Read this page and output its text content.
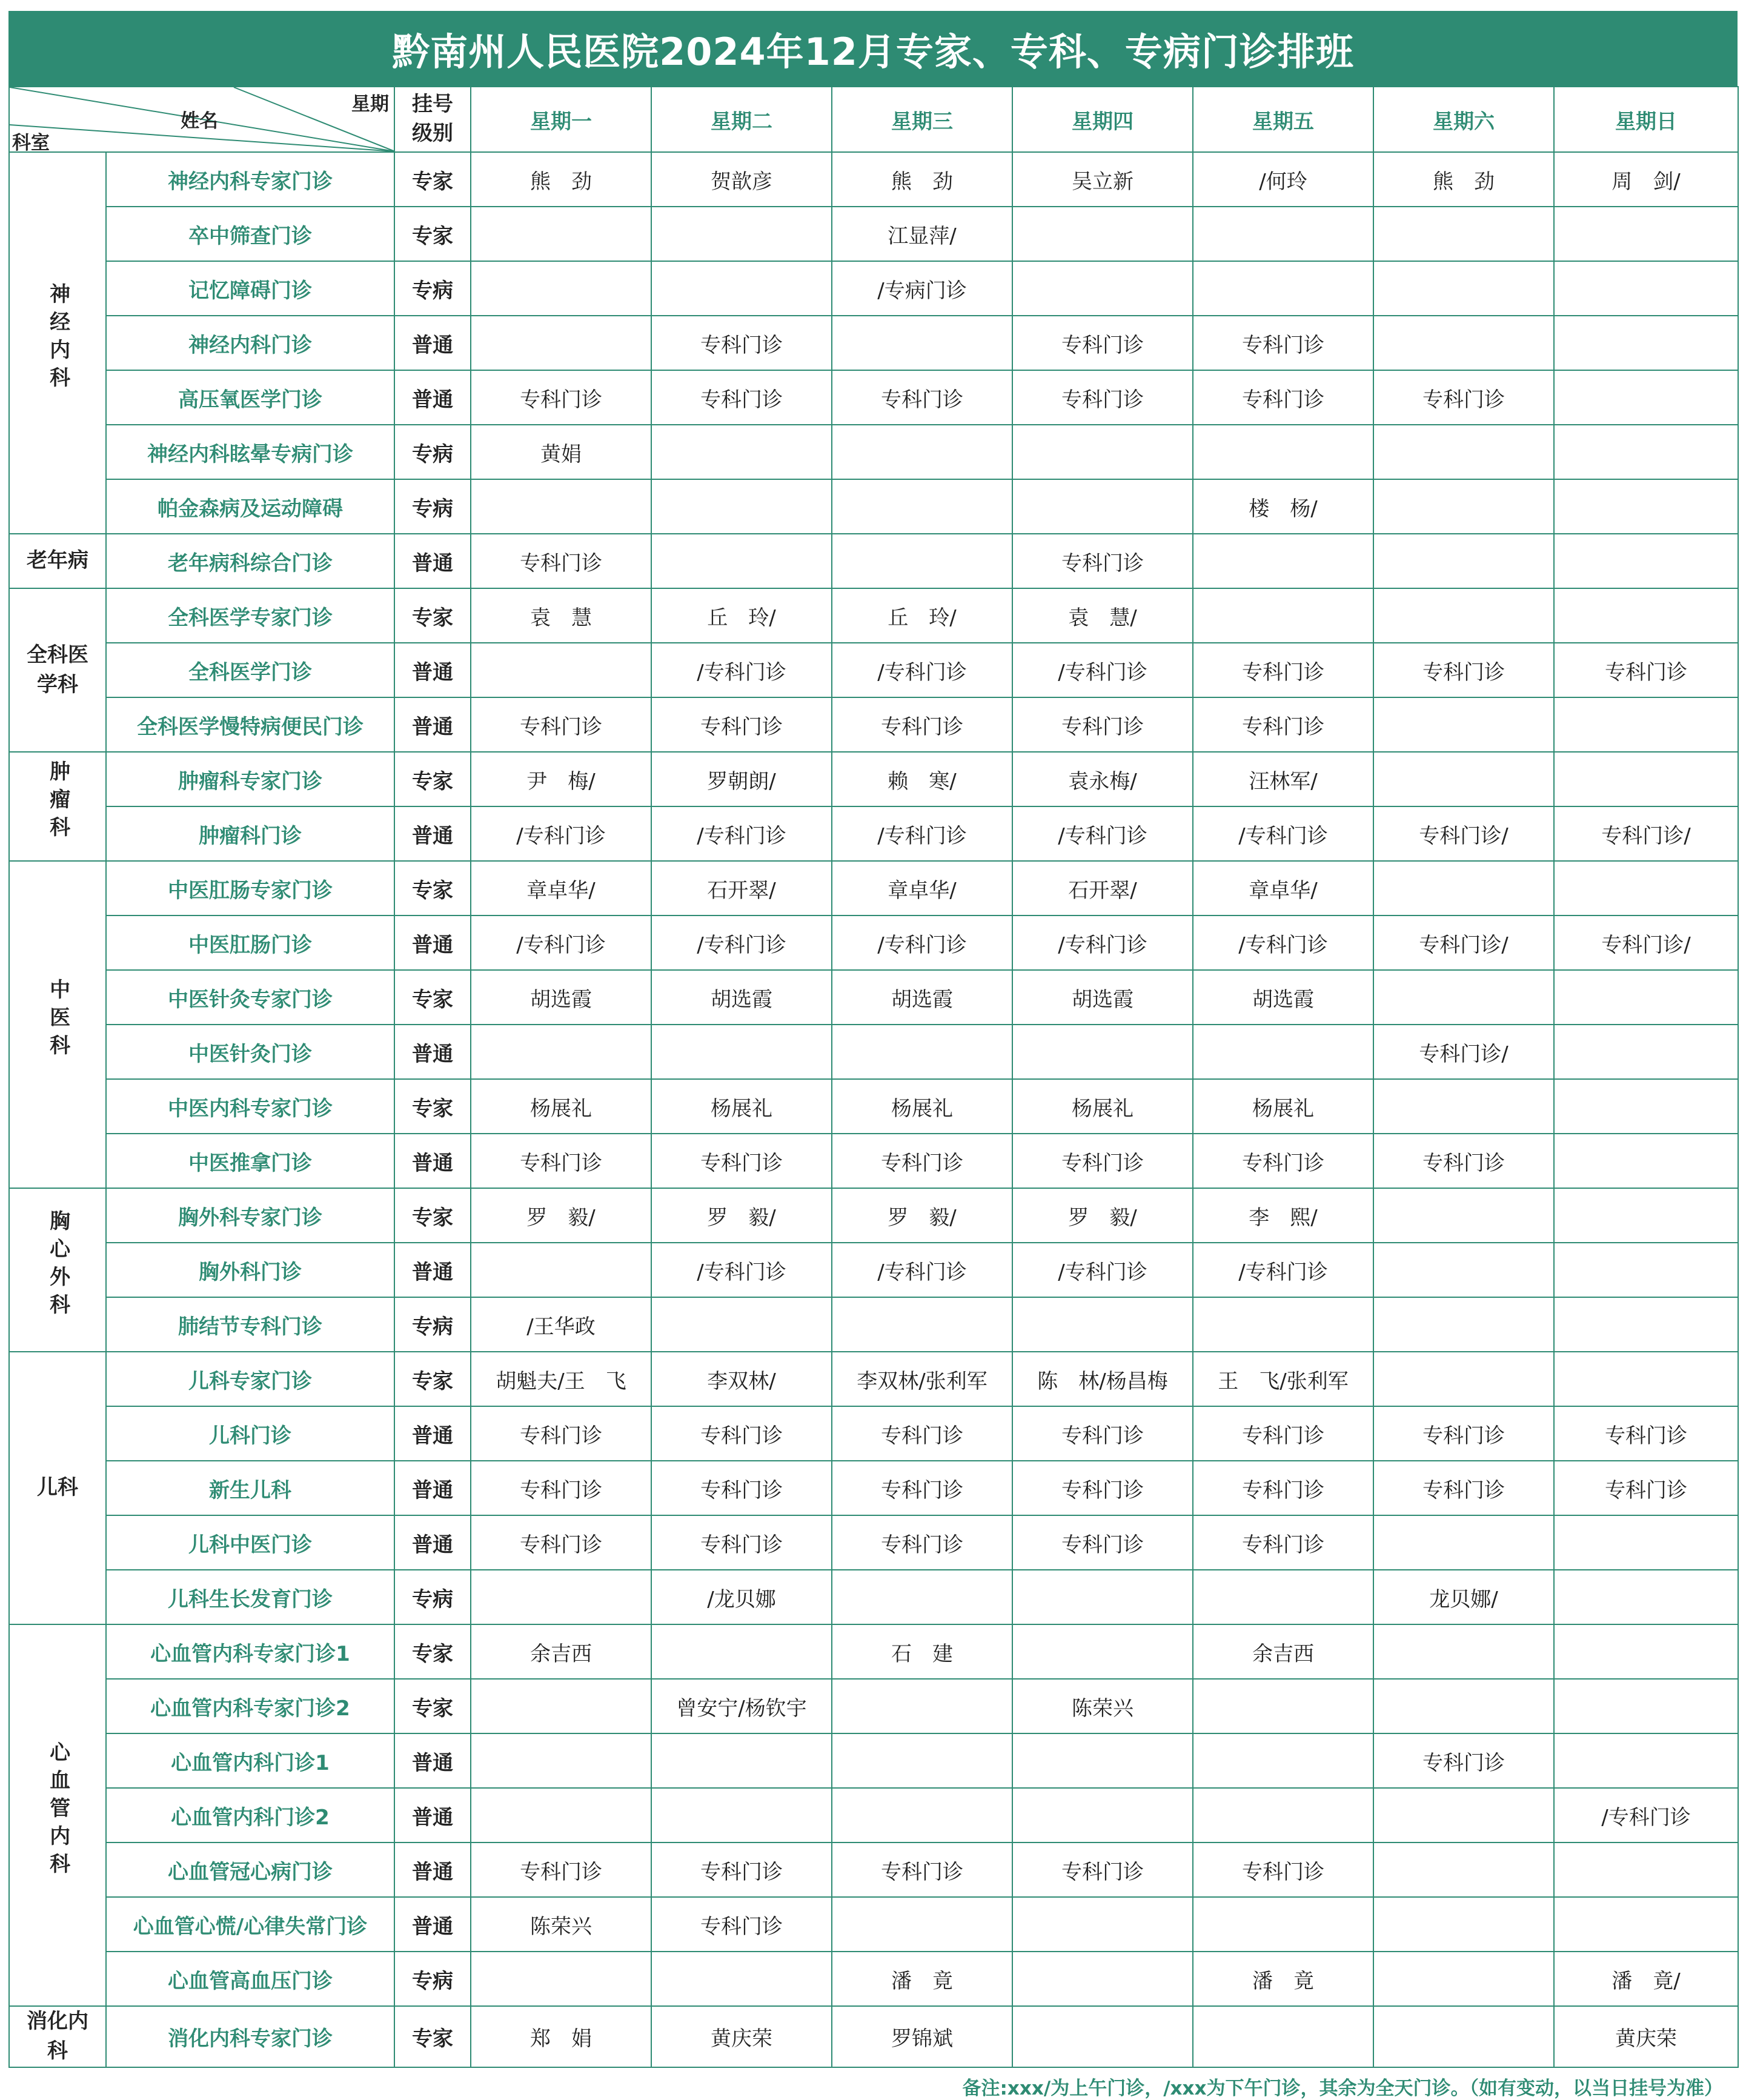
黔南州人民医院2024年12月专家、专科、专病门诊排班
星期
姓名
科室		挂号级别	星期一	星期二	星期三	星期四	星期五	星期六	星期日
神经内科	神经内科专家门诊	专家	熊　劲	贺歆彦	熊　劲	吴立新	/何玲	熊　劲	周　剑/
	卒中筛查门诊	专家			江显萍/				
	记忆障碍门诊	专病			/专病门诊				
	神经内科门诊	普通		专科门诊		专科门诊	专科门诊		
	高压氧医学门诊	普通	专科门诊	专科门诊	专科门诊	专科门诊	专科门诊	专科门诊	
	神经内科眩晕专病门诊	专病	黄娟						
	帕金森病及运动障碍	专病					楼　杨/		
老年病	老年病科综合门诊	普通	专科门诊			专科门诊			
全科医学科	全科医学专家门诊	专家	袁　慧	丘　玲/	丘　玲/	袁　慧/			
	全科医学门诊	普通		/专科门诊	/专科门诊	/专科门诊	专科门诊	专科门诊	专科门诊
	全科医学慢特病便民门诊	普通	专科门诊	专科门诊	专科门诊	专科门诊	专科门诊		
肿瘤科	肿瘤科专家门诊	专家	尹　梅/	罗朝朗/	赖　寒/	袁永梅/	汪林军/		
	肿瘤科门诊	普通	/专科门诊	/专科门诊	/专科门诊	/专科门诊	/专科门诊	专科门诊/	专科门诊/
中医科	中医肛肠专家门诊	专家	章卓华/	石开翠/	章卓华/	石开翠/	章卓华/		
	中医肛肠门诊	普通	/专科门诊	/专科门诊	/专科门诊	/专科门诊	/专科门诊	专科门诊/	专科门诊/
	中医针灸专家门诊	专家	胡选霞	胡选霞	胡选霞	胡选霞	胡选霞		
	中医针灸门诊	普通						专科门诊/	
	中医内科专家门诊	专家	杨展礼	杨展礼	杨展礼	杨展礼	杨展礼		
	中医推拿门诊	普通	专科门诊	专科门诊	专科门诊	专科门诊	专科门诊	专科门诊	
胸心外科	胸外科专家门诊	专家	罗　毅/	罗　毅/	罗　毅/	罗　毅/	李　熙/		
	胸外科门诊	普通		/专科门诊	/专科门诊	/专科门诊	/专科门诊		
	肺结节专科门诊	专病	/王华政						
儿科	儿科专家门诊	专家	胡魁夫/王　飞	李双林/	李双林/张利军	陈　林/杨昌梅	王　飞/张利军		
	儿科门诊	普通	专科门诊	专科门诊	专科门诊	专科门诊	专科门诊	专科门诊	专科门诊
	新生儿科	普通	专科门诊	专科门诊	专科门诊	专科门诊	专科门诊	专科门诊	专科门诊
	儿科中医门诊	普通	专科门诊	专科门诊	专科门诊	专科门诊	专科门诊		
	儿科生长发育门诊	专病		/龙贝娜				龙贝娜/	
心血管内科	心血管内科专家门诊1	专家	余吉西		石　建		余吉西		
	心血管内科专家门诊2	专家		曾安宁/杨钦宇		陈荣兴			
	心血管内科门诊1	普通						专科门诊	
	心血管内科门诊2	普通							/专科门诊
	心血管冠心病门诊	普通	专科门诊	专科门诊	专科门诊	专科门诊	专科门诊		
	心血管心慌/心律失常门诊	普通	陈荣兴	专科门诊					
	心血管高血压门诊	专病			潘　竟		潘　竟		潘　竟/
消化内科	消化内科专家门诊	专家	郑　娟	黄庆荣	罗锦斌				黄庆荣
备注:xxx/为上午门诊，/xxx为下午门诊，其余为全天门诊。（如有变动，以当日挂号为准）
